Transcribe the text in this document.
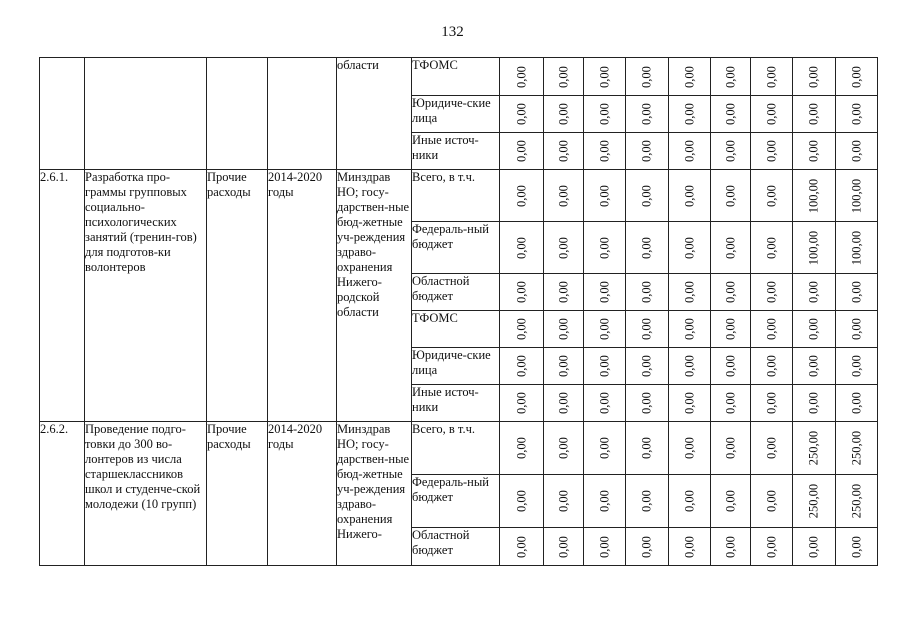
132
				области	ТФОМС	0,00	0,00	0,00	0,00	0,00	0,00	0,00	0,00	0,00

					Юридиче-ские лица	0,00	0,00	0,00	0,00	0,00	0,00	0,00	0,00	0,00

					Иные источ-ники	0,00	0,00	0,00	0,00	0,00	0,00	0,00	0,00	0,00

2.6.1.	Разработка про-граммы групповых социально-психологических занятий (тренин-гов) для подготов-ки волонтеров	Прочие расходы	2014-2020 годы	Минздрав НО; госу-дарствен-ные бюд-жетные уч-реждения здраво-охранения Нижего-родской области	Всего, в т.ч.	0,00	0,00	0,00	0,00	0,00	0,00	0,00	100,00	100,00

					Федераль-ный бюджет	0,00	0,00	0,00	0,00	0,00	0,00	0,00	100,00	100,00

					Областной бюджет	0,00	0,00	0,00	0,00	0,00	0,00	0,00	0,00	0,00

					ТФОМС	0,00	0,00	0,00	0,00	0,00	0,00	0,00	0,00	0,00

					Юридиче-ские лица	0,00	0,00	0,00	0,00	0,00	0,00	0,00	0,00	0,00

					Иные источ-ники	0,00	0,00	0,00	0,00	0,00	0,00	0,00	0,00	0,00

2.6.2.	Проведение подго-товки до 300 во-лонтеров из числа старшеклассников школ и студенче-ской молодежи (10 групп)	Прочие расходы	2014-2020 годы	Минздрав НО; госу-дарствен-ные бюд-жетные уч-реждения здраво-охранения Нижего-	Всего, в т.ч.	0,00	0,00	0,00	0,00	0,00	0,00	0,00	250,00	250,00

					Федераль-ный бюджет	0,00	0,00	0,00	0,00	0,00	0,00	0,00	250,00	250,00

					Областной бюджет	0,00	0,00	0,00	0,00	0,00	0,00	0,00	0,00	0,00
